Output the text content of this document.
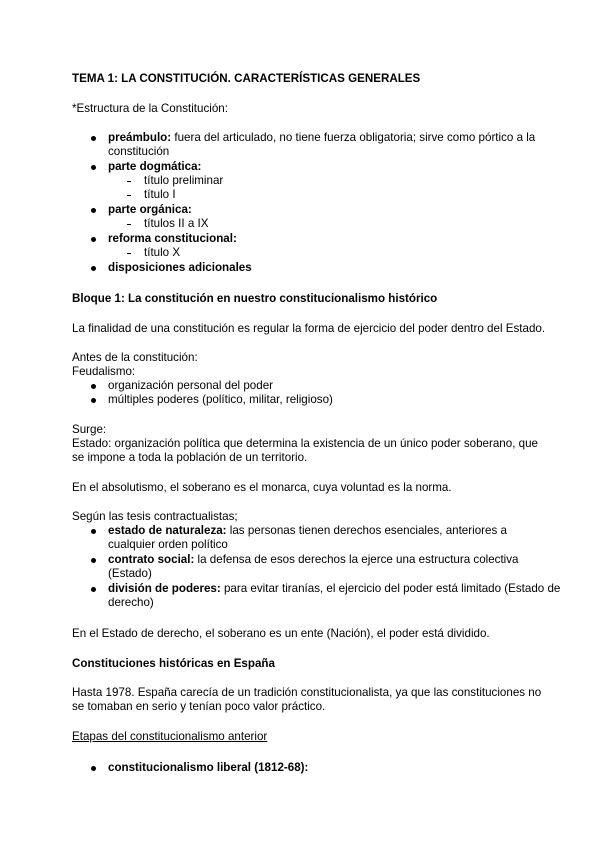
TEMA 1: LA CONSTITUCIÓN. CARACTERÍSTICAS GENERALES
*Estructura de la Constitución:
preámbulo: fuera del articulado, no tiene fuerza obligatoria; sirve como pórtico a la
constitución
parte dogmática:
título preliminar
título I
parte orgánica:
títulos II a IX
reforma constitucional:
título X
disposiciones adicionales
Bloque 1: La constitución en nuestro constitucionalismo histórico
La finalidad de una constitución es regular la forma de ejercicio del poder dentro del Estado.
Antes de la constitución:
Feudalismo:
organización personal del poder
múltiples poderes (político, militar, religioso)
Surge:
Estado: organización política que determina la existencia de un único poder soberano, que
se impone a toda la población de un territorio.
En el absolutismo, el soberano es el monarca, cuya voluntad es la norma.
Según las tesis contractualistas;
estado de naturaleza: las personas tienen derechos esenciales, anteriores a
cualquier orden político
contrato social: la defensa de esos derechos la ejerce una estructura colectiva
(Estado)
división de poderes: para evitar tiranías, el ejercicio del poder está limitado (Estado de
derecho)
En el Estado de derecho, el soberano es un ente (Nación), el poder está dividido.
Constituciones históricas en España
Hasta 1978. España carecía de un tradición constitucionalista, ya que las constituciones no
se tomaban en serio y tenían poco valor práctico.
Etapas del constitucionalismo anterior
constitucionalismo liberal (1812-68):
